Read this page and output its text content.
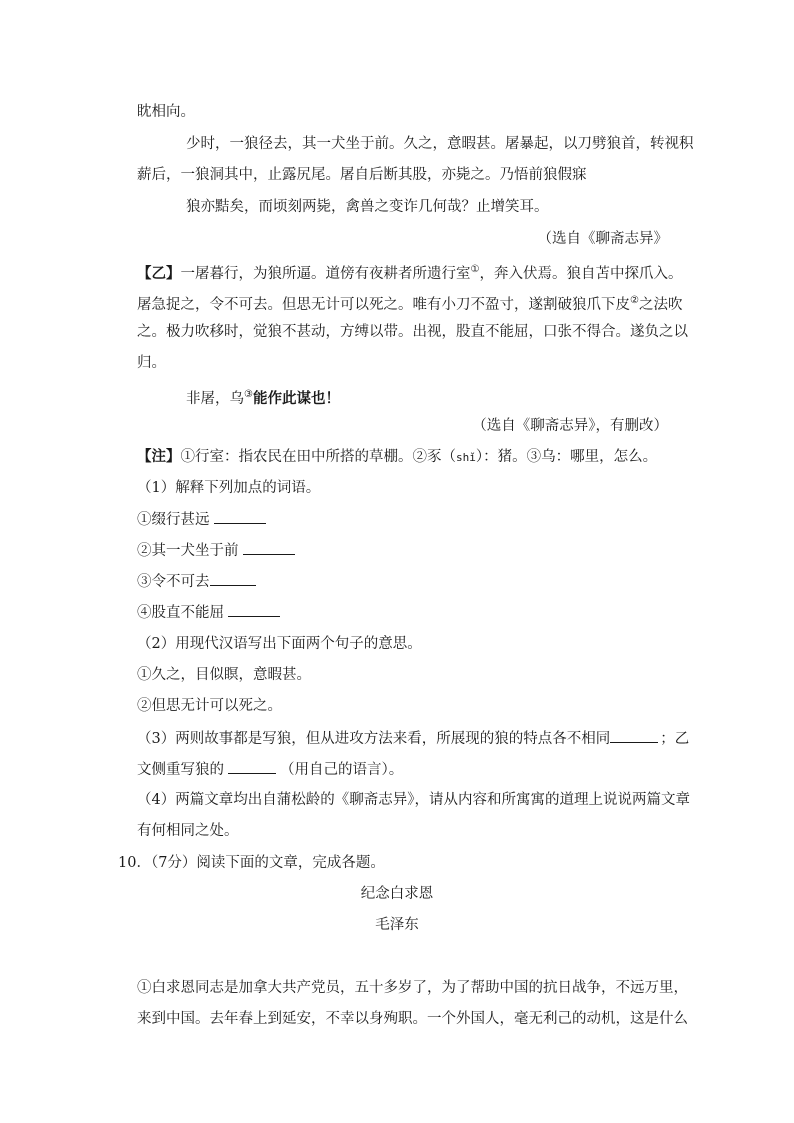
眈相向。
少时，一狼径去，其一犬坐于前。久之，意暇甚。屠暴起，以刀劈狼首，转视积
薪后，一狼洞其中，止露尻尾。屠自后断其股，亦毙之。乃悟前狼假寐
狼亦黠矣，而顷刻两毙，禽兽之变诈几何哉？止增笑耳。
（选自《聊斋志异》
【乙】一屠暮行，为狼所逼。道傍有夜耕者所遗行室①，奔入伏焉。狼自苫中探爪入。
屠急捉之，令不可去。但思无计可以死之。唯有小刀不盈寸，遂割破狼爪下皮②之法吹
之。极力吹移时，觉狼不甚动，方缚以带。出视，股直不能屈，口张不得合。遂负之以
归。
非屠，乌③能作此谋也！
（选自《聊斋志异》，有删改）
【注】①行室：指农民在田中所搭的草棚。②豕（shǐ）：猪。③乌：哪里，怎么。
（1）解释下列加点的词语。
①缀行甚远
②其一犬坐于前
③令不可去
④股直不能屈
（2）用现代汉语写出下面两个句子的意思。
①久之，目似瞑，意暇甚。
②但思无计可以死之。
（3）两则故事都是写狼，但从进攻方法来看，所展现的狼的特点各不相同	；乙
文侧重写狼的	（用自己的语言）。
（4）两篇文章均出自蒲松龄的《聊斋志异》，请从内容和所寓寓的道理上说说两篇文章
有何相同之处。
10．（7分）阅读下面的文章，完成各题。
纪念白求恩
毛泽东
①白求恩同志是加拿大共产党员，五十多岁了，为了帮助中国的抗日战争，不远万里，
来到中国。去年春上到延安，不幸以身殉职。一个外国人，毫无利己的动机，这是什么
